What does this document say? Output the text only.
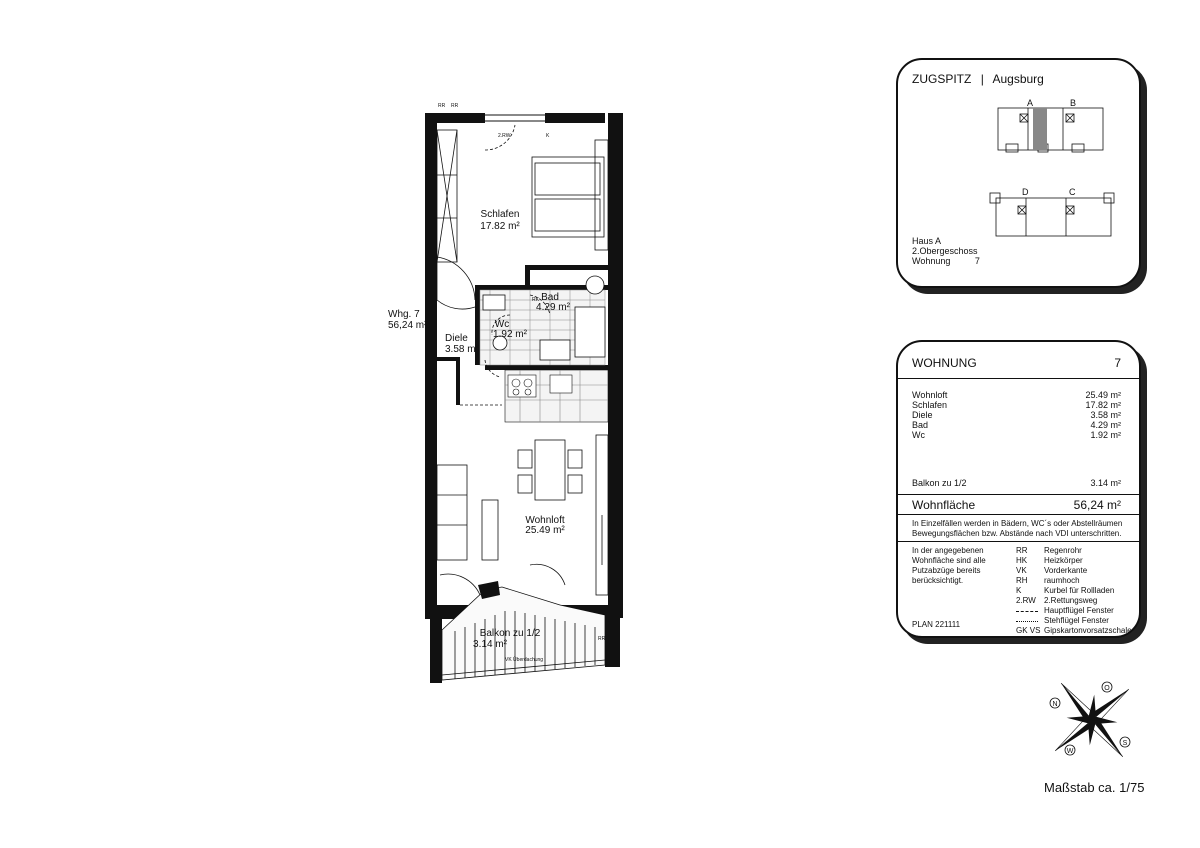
Schlafen
17.82 m²
Bad
4.29 m²
Wc
1.92 m²
Diele
3.58 m²
Wohnloft
25.49 m²
Balkon zu 1/2
3.14 m²
Whg. 7
56,24 m²
RR RR
2.RW	K
RK
RR
VK Überdachung
ZUGSPITZ | Augsburg
A	B
D	C
Haus A
2.Obergeschoss
Wohnung	7
WOHNUNG	7
Wohnloft	25.49 m²
Schlafen	17.82 m²
Diele	3.58 m²
Bad	4.29 m²
Wc	1.92 m²
Balkon zu 1/2	3.14 m²
Wohnfläche	56,24 m²
In Einzelfällen werden in Bädern, WC´s oder Abstellräumen Bewegungsflächen bzw. Abstände nach VDI unterschritten.
In der angegebenen Wohnfläche sind alle Putzabzüge bereits berücksichtigt.
RR	Regenrohr
HK	Heizkörper
VK	Vorderkante
RH	raumhoch
K	Kurbel für Rollladen
2.RW	2.Rettungsweg
Hauptflügel Fenster
Stehflügel Fenster
GK VS Gipskartonvorsatzschale
PLAN 221111
O
S
W
N
Maßstab ca. 1/75
